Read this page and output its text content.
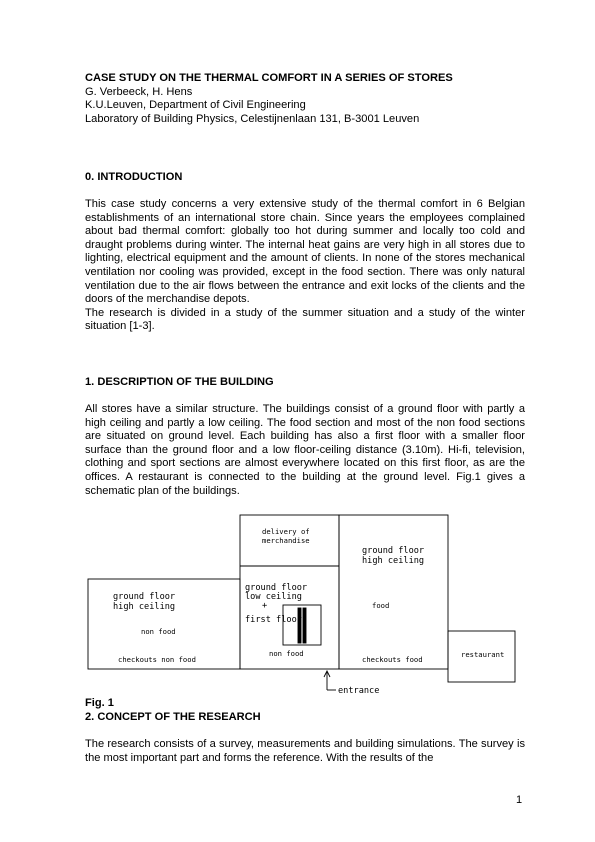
CASE STUDY ON THE THERMAL COMFORT IN A SERIES OF STORES
G. Verbeeck, H. Hens
K.U.Leuven, Department of Civil Engineering
Laboratory of Building Physics, Celestijnenlaan 131, B-3001 Leuven
0. INTRODUCTION
This case study concerns a very extensive study of the thermal comfort in 6 Belgian establishments of an international store chain. Since years the employees complained about bad thermal comfort: globally too hot during summer and locally too cold and draught problems during winter. The internal heat gains are very high in all stores due to lighting, electrical equipment and the amount of clients. In none of the stores mechanical ventilation nor cooling was provided, except in the food section. There was only natural ventilation due to the air flows between the entrance and exit locks of the clients and the doors of the merchandise depots.
The research is divided in a study of the summer situation and a study of the winter situation [1-3].
1. DESCRIPTION OF THE BUILDING
All stores have a similar structure. The buildings consist of a ground floor with partly a high ceiling and partly a low ceiling. The food section and most of the non food sections are situated on ground level. Each building has also a first floor with a smaller floor surface than the ground floor and a low floor-ceiling distance (3.10m). Hi-fi, television, clothing and sport sections are almost everywhere located on this first floor, as are the offices. A restaurant is connected to the building at the ground level. Fig.1 gives a schematic plan of the buildings.
delivery of
merchandise
ground floor
high ceiling
ground floor
low ceiling
+
first floor
ground floor
high ceiling
non food
food
non food
checkouts non food	checkouts food
restaurant
entrance
Fig. 1
2. CONCEPT OF THE RESEARCH
The research consists of a survey, measurements and building simulations. The survey is the most important part and forms the reference. With the results of the
1
